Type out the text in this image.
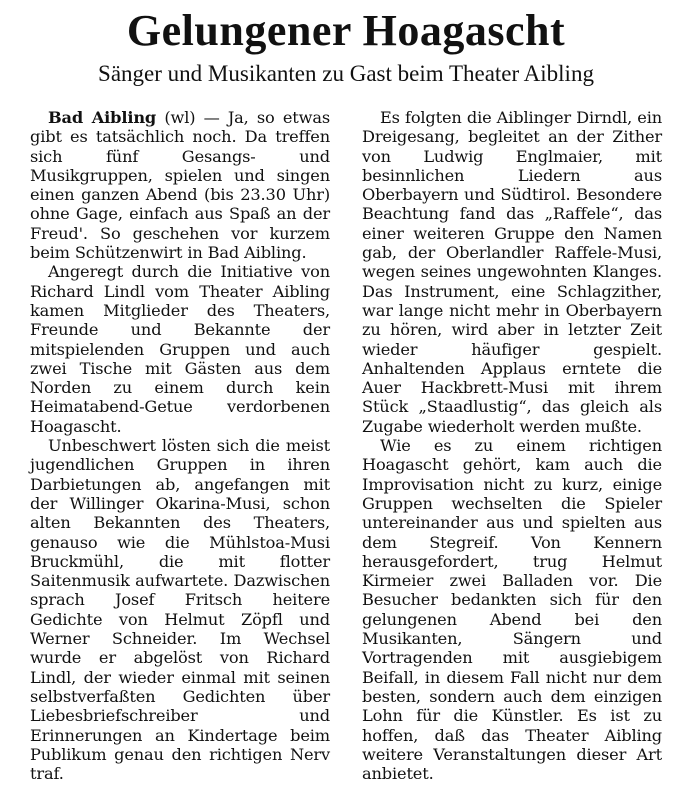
Gelungener Hoagascht
Sänger und Musikanten zu Gast beim Theater Aibling

Bad Aibling (wl) — Ja, so etwas gibt es tatsächlich noch. Da treffen sich fünf Gesangs- und Musikgruppen, spielen und singen einen ganzen Abend (bis 23.30 Uhr) ohne Gage, einfach aus Spaß an der Freud'. So geschehen vor kurzem beim Schützenwirt in Bad Aibling.

Angeregt durch die Initiative von Richard Lindl vom Theater Aibling kamen Mitglieder des Theaters, Freunde und Bekannte der mitspielenden Gruppen und auch zwei Tische mit Gästen aus dem Norden zu einem durch kein Heimatabend-Getue verdorbenen Hoagascht.

Unbeschwert lösten sich die meist jugendlichen Gruppen in ihren Darbietungen ab, angefangen mit der Willinger Okarina-Musi, schon alten Bekannten des Theaters, genauso wie die Mühlstoa-Musi Bruckmühl, die mit flotter Saitenmusik aufwartete. Dazwischen sprach Josef Fritsch heitere Gedichte von Helmut Zöpfl und Werner Schneider. Im Wechsel wurde er abgelöst von Richard Lindl, der wieder einmal mit seinen selbstverfaßten Gedichten über Liebesbriefschreiber und Erinnerungen an Kindertage beim Publikum genau den richtigen Nerv traf.

Es folgten die Aiblinger Dirndl, ein Dreigesang, begleitet an der Zither von Ludwig Englmaier, mit besinnlichen Liedern aus Oberbayern und Südtirol. Besondere Beachtung fand das „Raffele“, das einer weiteren Gruppe den Namen gab, der Oberlandler Raffele-Musi, wegen seines ungewohnten Klanges. Das Instrument, eine Schlagzither, war lange nicht mehr in Oberbayern zu hören, wird aber in letzter Zeit wieder häufiger gespielt. Anhaltenden Applaus erntete die Auer Hackbrett-Musi mit ihrem Stück „Staadlustig“, das gleich als Zugabe wiederholt werden mußte.

Wie es zu einem richtigen Hoagascht gehört, kam auch die Improvisation nicht zu kurz, einige Gruppen wechselten die Spieler untereinander aus und spielten aus dem Stegreif. Von Kennern herausgefordert, trug Helmut Kirmeier zwei Balladen vor. Die Besucher bedankten sich für den gelungenen Abend bei den Musikanten, Sängern und Vortragenden mit ausgiebigem Beifall, in diesem Fall nicht nur dem besten, sondern auch dem einzigen Lohn für die Künstler. Es ist zu hoffen, daß das Theater Aibling weitere Veranstaltungen dieser Art anbietet.
